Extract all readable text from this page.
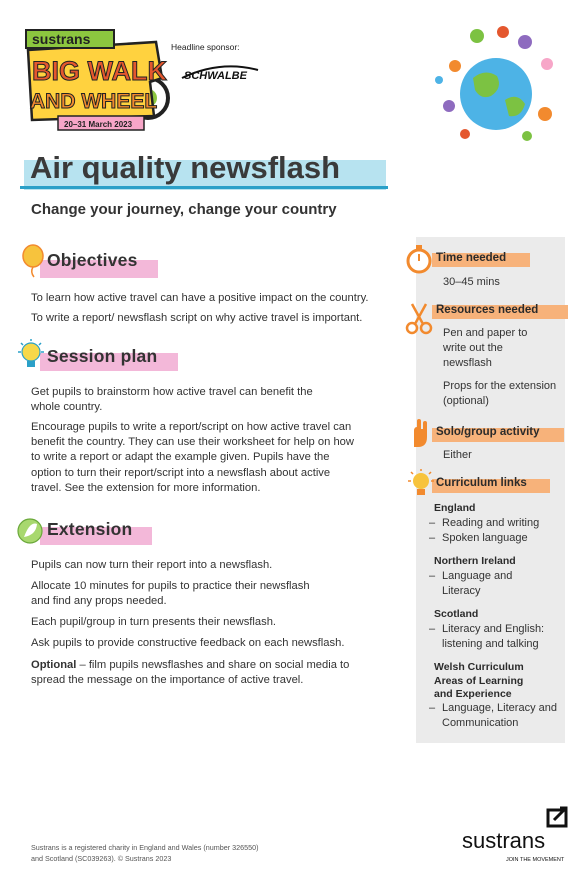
sustrans
BIG WALK
AND WHEEL
20–31 March 2023
Headline sponsor:
SCHWALBE
Air quality newsflash
Change your journey, change your country
Objectives
To learn how active travel can have a positive impact on the country.
To write a report/ newsflash script on why active travel is important.
Session plan
Get pupils to brainstorm how active travel can benefit the whole country.
Encourage pupils to write a report/script on how active travel can benefit the country. They can use their worksheet for help on how to write a report or adapt the example given. Pupils have the option to turn their report/script into a newsflash about active travel. See the extension for more information.
Extension
Pupils can now turn their report into a newsflash.
Allocate 10 minutes for pupils to practice their newsflash and find any props needed.
Each pupil/group in turn presents their newsflash.
Ask pupils to provide constructive feedback on each newsflash.
Optional – film pupils newsflashes and share on social media to spread the message on the importance of active travel.
Time needed
30–45 mins
Resources needed
Pen and paper to write out the newsflash
Props for the extension (optional)
Solo/group activity
Either
Curriculum links
England
– Reading and writing
– Spoken language
Northern Ireland
– Language and Literacy
Scotland
– Literacy and English: listening and talking
Welsh Curriculum Areas of Learning and Experience
– Language, Literacy and Communication
Sustrans is a registered charity in England and Wales (number 326550)
and Scotland (SC039263). © Sustrans 2023
sustrans
JOIN THE MOVEMENT
